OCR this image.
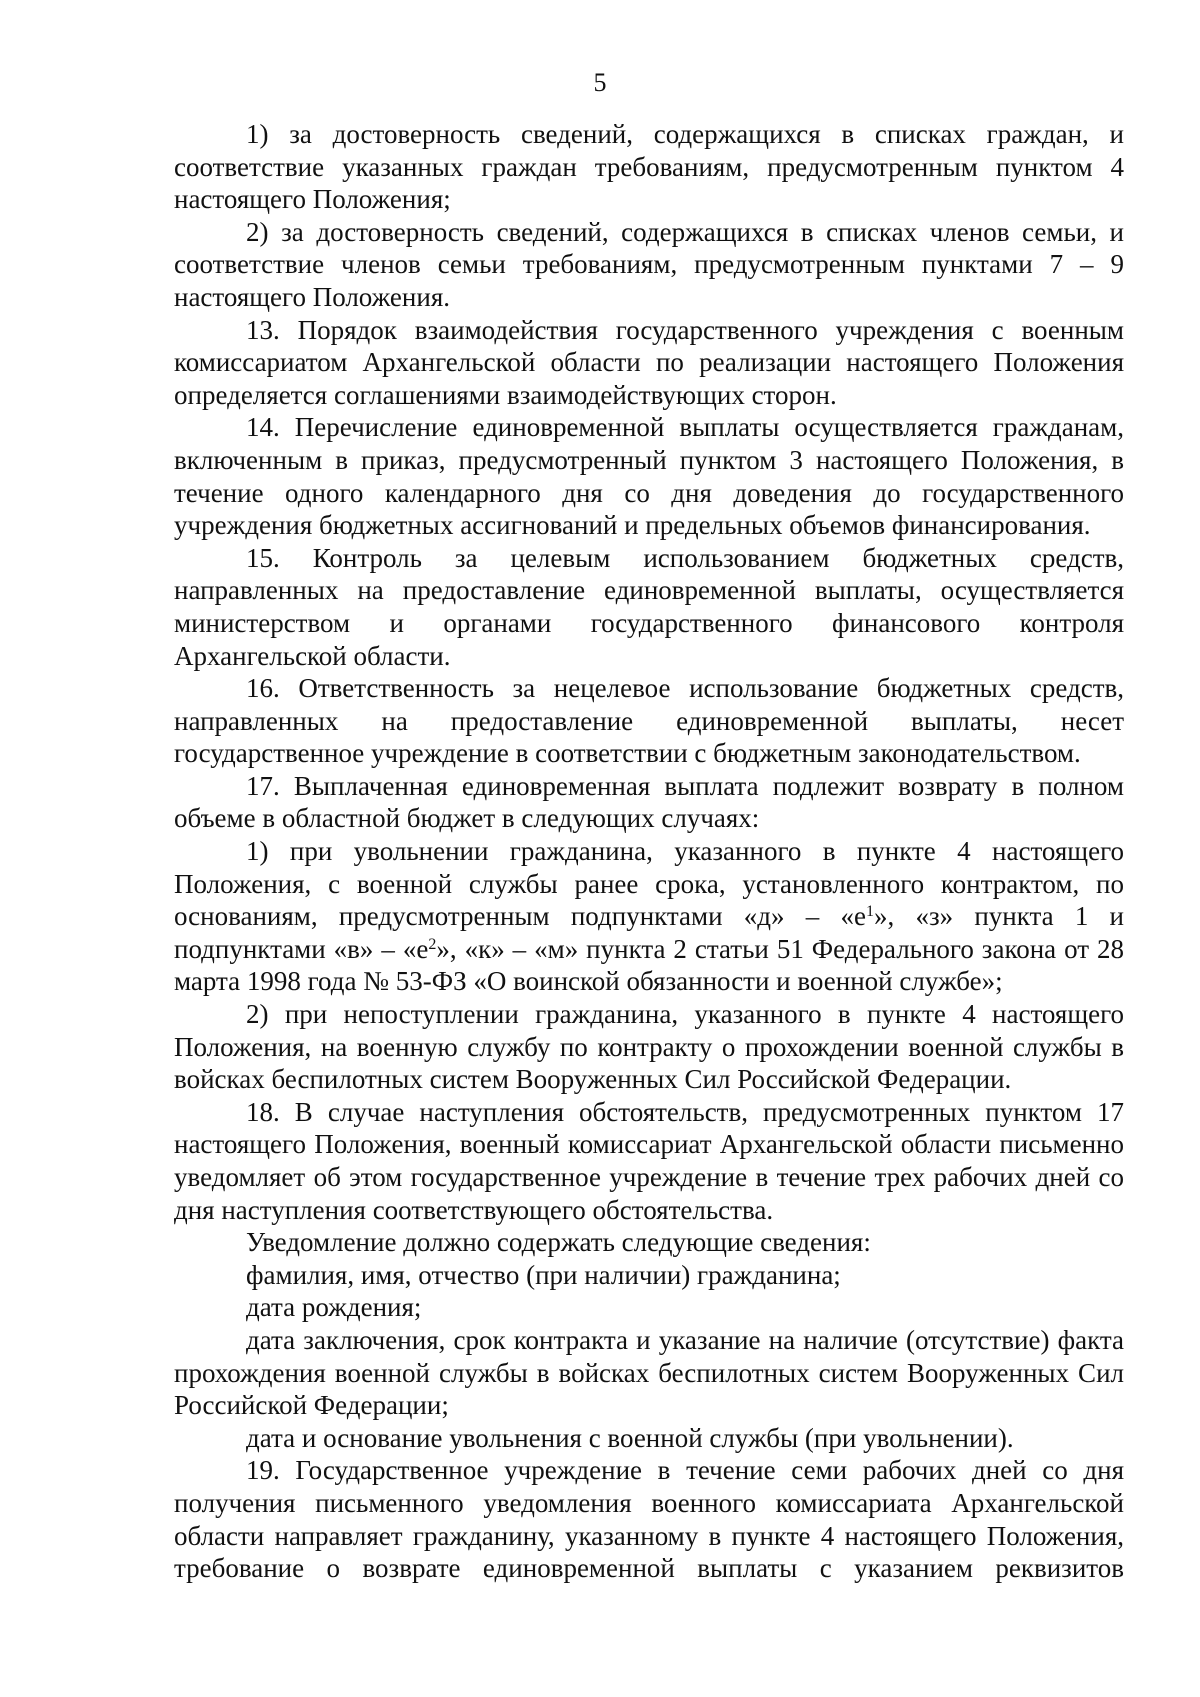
5

1) за достоверность сведений, содержащихся в списках граждан, и соответствие указанных граждан требованиям, предусмотренным пунктом 4 настоящего Положения;

2) за достоверность сведений, содержащихся в списках членов семьи, и соответствие членов семьи требованиям, предусмотренным пунктами 7 – 9 настоящего Положения.

13. Порядок взаимодействия государственного учреждения с военным комиссариатом Архангельской области по реализации настоящего Положения определяется соглашениями взаимодействующих сторон.

14. Перечисление единовременной выплаты осуществляется гражданам, включенным в приказ, предусмотренный пунктом 3 настоящего Положения, в течение одного календарного дня со дня доведения до государственного учреждения бюджетных ассигнований и предельных объемов финансирования.

15. Контроль за целевым использованием бюджетных средств, направленных на предоставление единовременной выплаты, осуществляется министерством и органами государственного финансового контроля Архангельской области.

16. Ответственность за нецелевое использование бюджетных средств, направленных на предоставление единовременной выплаты, несет государственное учреждение в соответствии с бюджетным законодательством.

17. Выплаченная единовременная выплата подлежит возврату в полном объеме в областной бюджет в следующих случаях:

1) при увольнении гражданина, указанного в пункте 4 настоящего Положения, с военной службы ранее срока, установленного контрактом, по основаниям, предусмотренным подпунктами «д» – «$е^1$», «з» пункта 1 и подпунктами «в» – «$е^2$», «к» – «м» пункта 2 статьи 51 Федерального закона от 28 марта 1998 года № 53-ФЗ «О воинской обязанности и военной службе»;

2) при непоступлении гражданина, указанного в пункте 4 настоящего Положения, на военную службу по контракту о прохождении военной службы в войсках беспилотных систем Вооруженных Сил Российской Федерации.

18. В случае наступления обстоятельств, предусмотренных пунктом 17 настоящего Положения, военный комиссариат Архангельской области письменно уведомляет об этом государственное учреждение в течение трех рабочих дней со дня наступления соответствующего обстоятельства.

Уведомление должно содержать следующие сведения:

фамилия, имя, отчество (при наличии) гражданина;

дата рождения;

дата заключения, срок контракта и указание на наличие (отсутствие) факта прохождения военной службы в войсках беспилотных систем Вооруженных Сил Российской Федерации;

дата и основание увольнения с военной службы (при увольнении).

19. Государственное учреждение в течение семи рабочих дней со дня получения письменного уведомления военного комиссариата Архангельской области направляет гражданину, указанному в пункте 4 настоящего Положения, требование о возврате единовременной выплаты с указанием реквизитов
